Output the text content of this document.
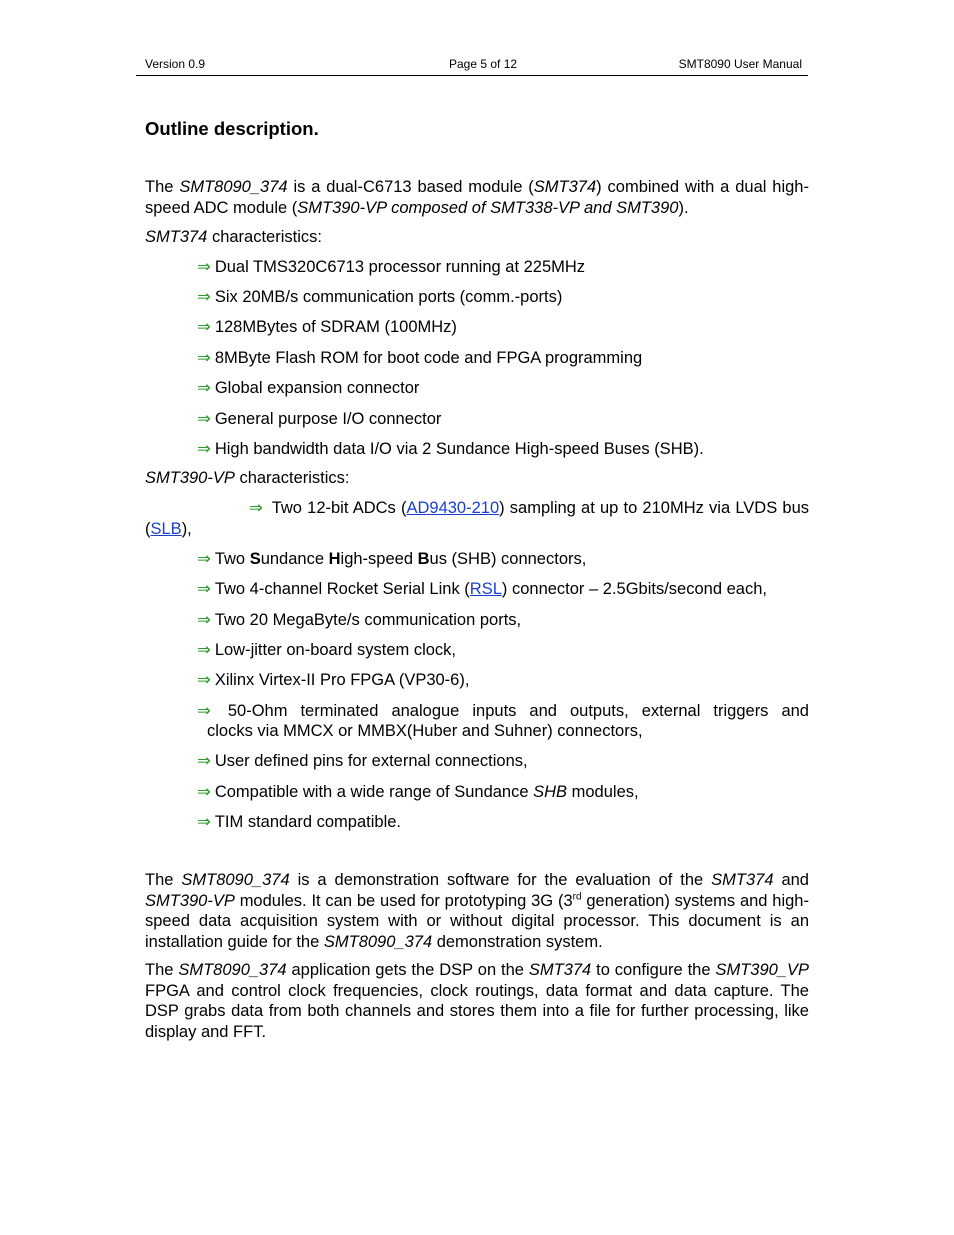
Version 0.9	Page 5 of 12	SMT8090 User Manual
Outline description.

The SMT8090_374 is a dual-C6713 based module (SMT374) combined with a dual high-speed ADC module (SMT390-VP composed of SMT338-VP and SMT390).

SMT374 characteristics:

⇒ Dual TMS320C6713 processor running at 225MHz

⇒ Six 20MB/s communication ports (comm.-ports)

⇒ 128MBytes of SDRAM (100MHz)

⇒ 8MByte Flash ROM for boot code and FPGA programming

⇒ Global expansion connector

⇒ General purpose I/O connector

⇒ High bandwidth data I/O via 2 Sundance High-speed Buses (SHB).

SMT390-VP characteristics:

⇒ Two 12-bit ADCs (AD9430-210) sampling at up to 210MHz via LVDS bus (SLB),

⇒ Two Sundance High-speed Bus (SHB) connectors,

⇒ Two 4-channel Rocket Serial Link (RSL) connector – 2.5Gbits/second each,

⇒ Two 20 MegaByte/s communication ports,

⇒ Low-jitter on-board system clock,

⇒ Xilinx Virtex-II Pro FPGA (VP30-6),

⇒ 50-Ohm terminated analogue inputs and outputs, external triggers and

clocks via MMCX or MMBX(Huber and Suhner) connectors,

⇒ User defined pins for external connections,

⇒ Compatible with a wide range of Sundance SHB modules,

⇒ TIM standard compatible.

The SMT8090_374 is a demonstration software for the evaluation of the SMT374 and SMT390-VP modules. It can be used for prototyping 3G (3rd generation) systems and high-speed data acquisition system with or without digital processor. This document is an installation guide for the SMT8090_374 demonstration system.

The SMT8090_374 application gets the DSP on the SMT374 to configure the SMT390_VP FPGA and control clock frequencies, clock routings, data format and data capture. The DSP grabs data from both channels and stores them into a file for further processing, like display and FFT.
